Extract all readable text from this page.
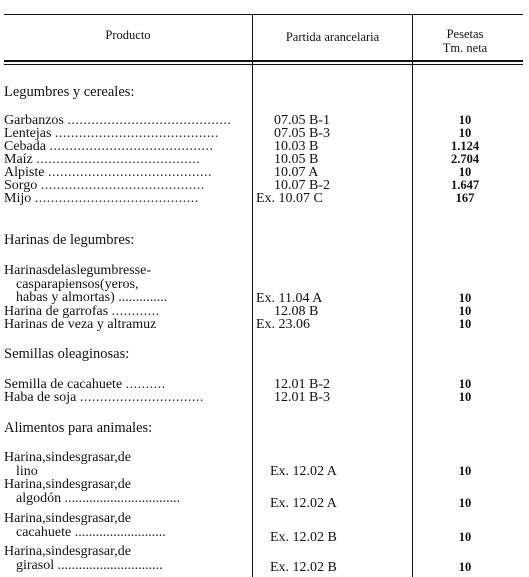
Producto	Partida arancelaria	Pesetas
Tm. neta
Legumbres y cereales:
Garbanzos .........................................	07.05 B-1	10
Lentejas .........................................	07.05 B-3	10
Cebada .........................................	10.03 B	1.124
Maíz .........................................	10.05 B	2.704
Alpiste .........................................	10.07 A	10
Sorgo .........................................	10.07 B-2	1.647
Mijo .........................................	Ex. 10.07 C	167
Harinas de legumbres:
Harinasdelaslegumbresse-
casparapiensos(yeros,
habas y almortas) ..............	Ex. 11.04 A	10
Harina de garrofas ............	12.08 B	10
Harinas de veza y altramuz	Ex. 23.06	10
Semillas oleaginosas:
Semilla de cacahuete ..........	12.01 B-2	10
Haba de soja ...............................	12.01 B-3	10
Alimentos para animales:
Harina,sindesgrasar,de
lino	Ex. 12.02 A	10
Harina,sindesgrasar,de
algodón .................................	Ex. 12.02 A	10
Harina,sindesgrasar,de
cacahuete ..........................	Ex. 12.02 B	10
Harina,sindesgrasar,de
girasol ..............................	Ex. 12.02 B	10
